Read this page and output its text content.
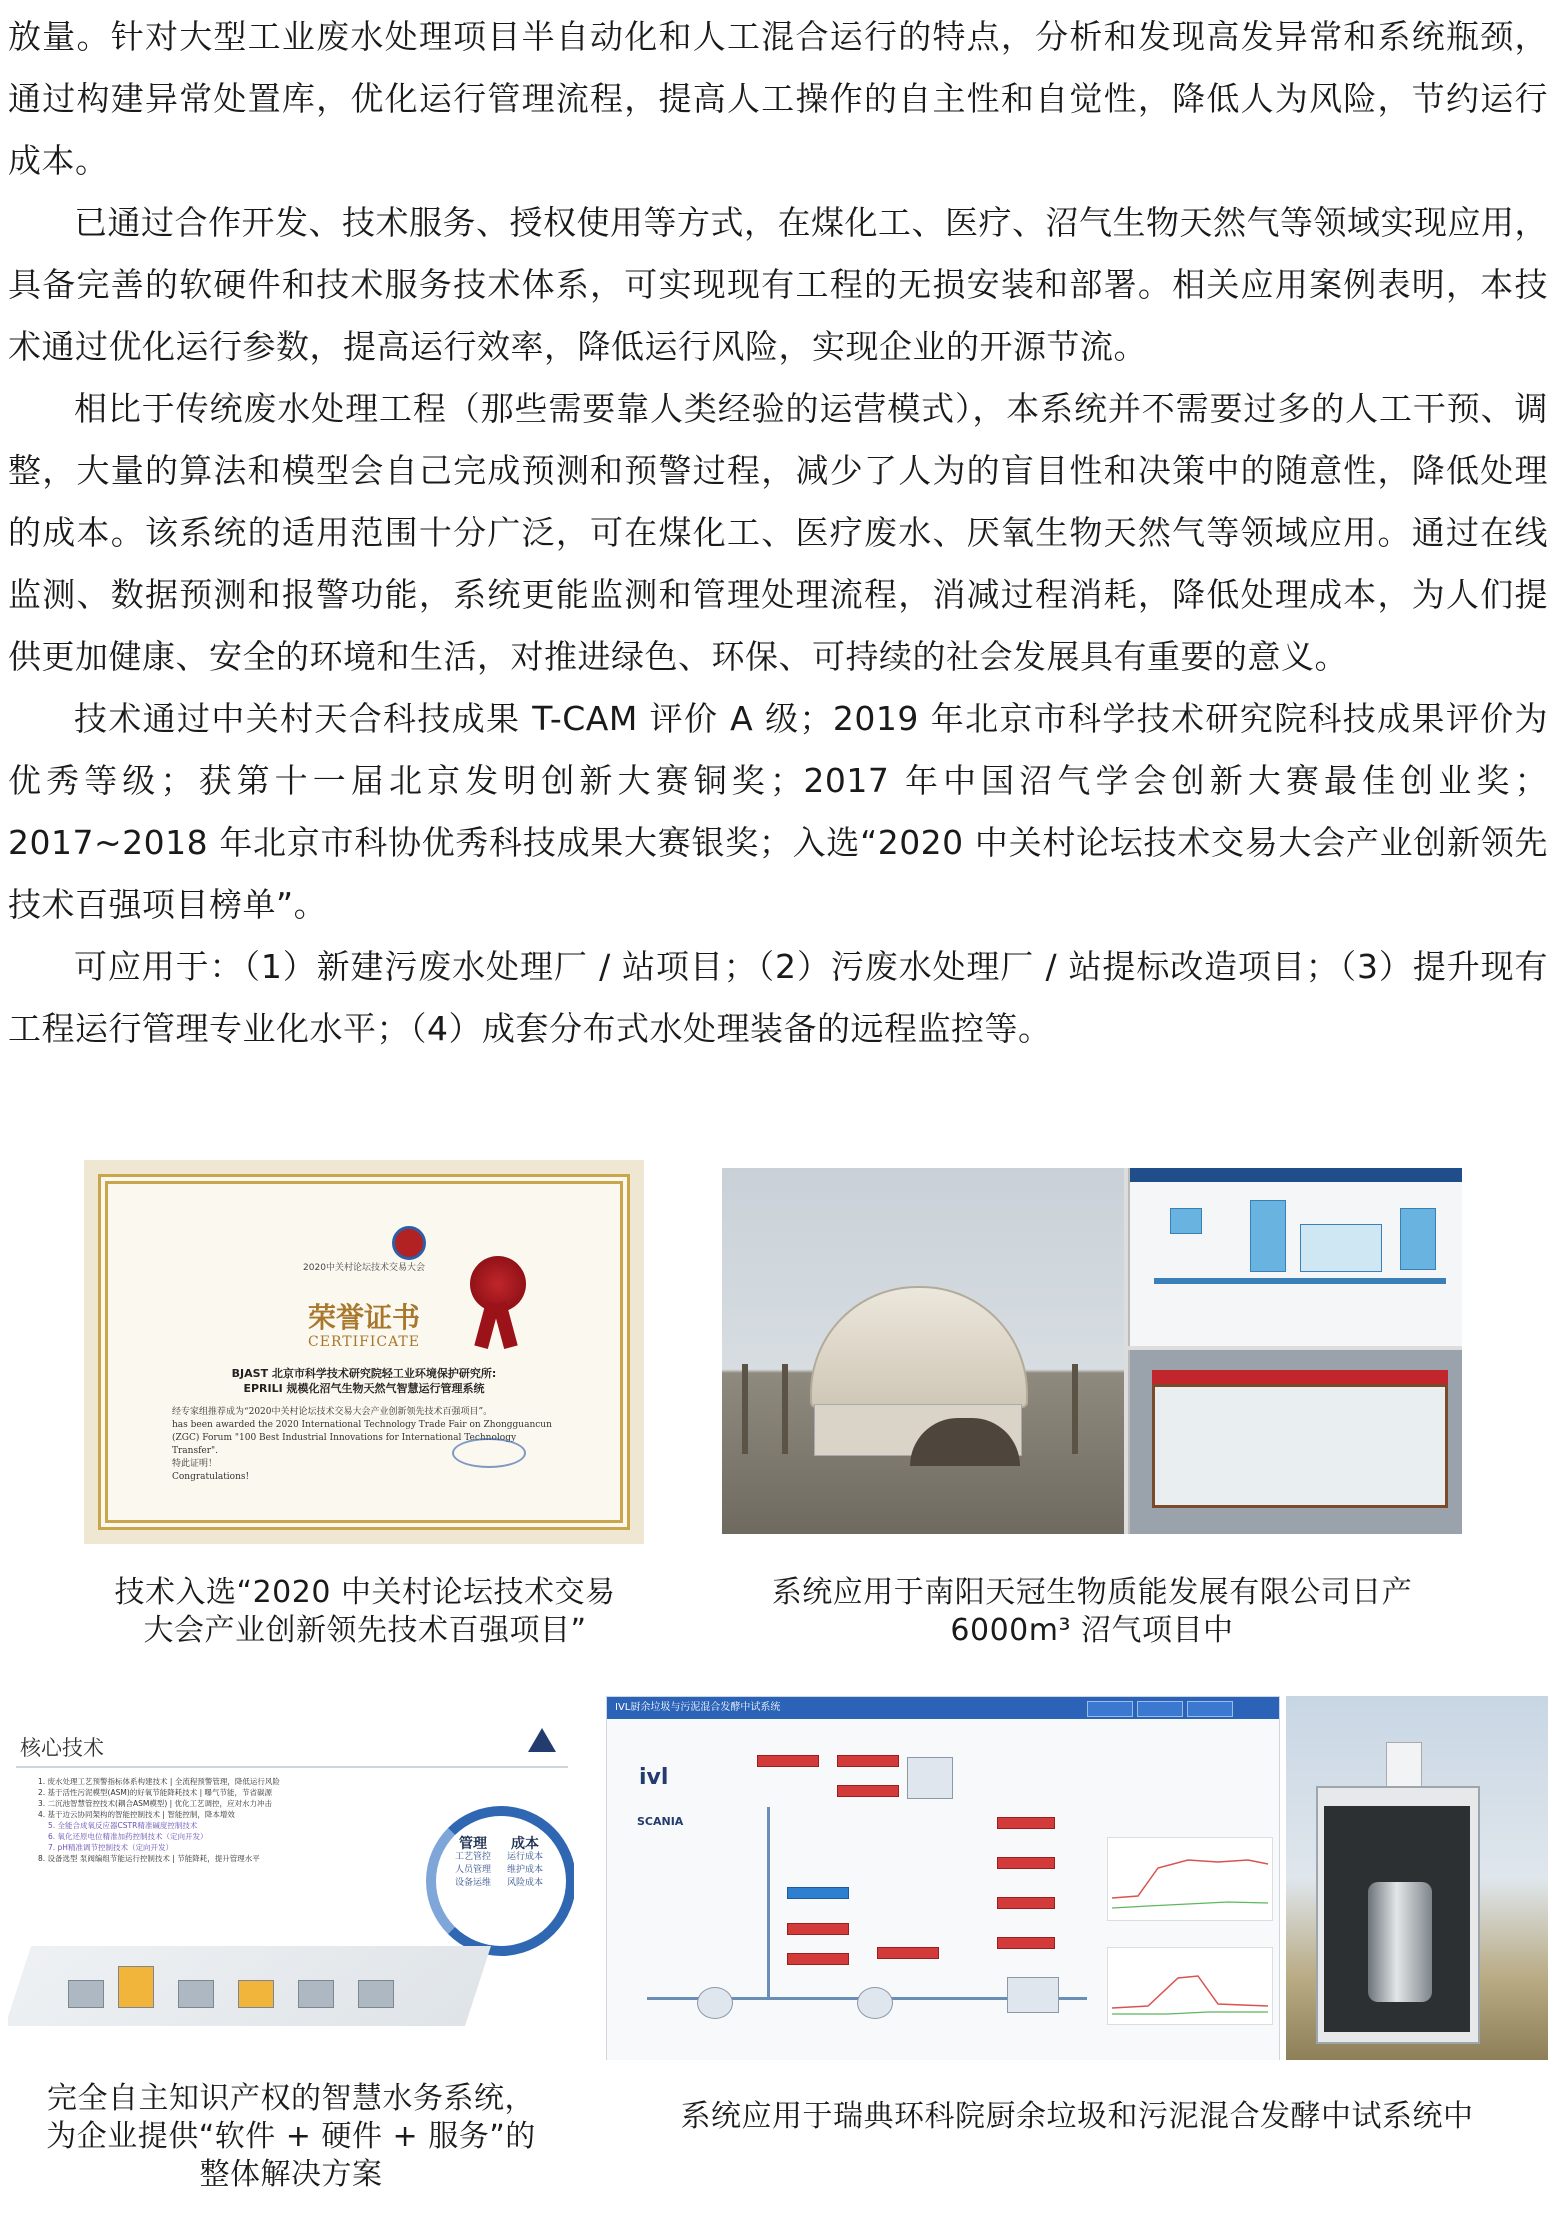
放量。针对大型工业废水处理项目半自动化和人工混合运行的特点，分析和发现高发异常和系统瓶颈，通过构建异常处置库，优化运行管理流程，提高人工操作的自主性和自觉性，降低人为风险，节约运行成本。

已通过合作开发、技术服务、授权使用等方式，在煤化工、医疗、沼气生物天然气等领域实现应用，具备完善的软硬件和技术服务技术体系，可实现现有工程的无损安装和部署。相关应用案例表明，本技术通过优化运行参数，提高运行效率，降低运行风险，实现企业的开源节流。

相比于传统废水处理工程（那些需要靠人类经验的运营模式），本系统并不需要过多的人工干预、调整，大量的算法和模型会自己完成预测和预警过程，减少了人为的盲目性和决策中的随意性，降低处理的成本。该系统的适用范围十分广泛，可在煤化工、医疗废水、厌氧生物天然气等领域应用。通过在线监测、数据预测和报警功能，系统更能监测和管理处理流程，消减过程消耗，降低处理成本，为人们提供更加健康、安全的环境和生活，对推进绿色、环保、可持续的社会发展具有重要的意义。

技术通过中关村天合科技成果 T-CAM 评价 A 级；2019 年北京市科学技术研究院科技成果评价为优秀等级；获第十一届北京发明创新大赛铜奖；2017 年中国沼气学会创新大赛最佳创业奖；2017~2018 年北京市科协优秀科技成果大赛银奖；入选“2020 中关村论坛技术交易大会产业创新领先技术百强项目榜单”。

可应用于：（1）新建污废水处理厂 / 站项目；（2）污废水处理厂 / 站提标改造项目；（3）提升现有工程运行管理专业化水平；（4）成套分布式水处理装备的远程监控等。

2020中关村论坛技术交易大会
荣誉证书
CERTIFICATE
BJAST 北京市科学技术研究院轻工业环境保护研究所:
EPRILI 规模化沼气生物天然气智慧运行管理系统
经专家组推荐成为“2020中关村论坛技术交易大会产业创新领先技术百强项目”。
has been awarded the 2020 International Technology Trade Fair on Zhongguancun (ZGC) Forum "100 Best Industrial Innovations for International Technology Transfer".
特此证明！
Congratulations!
技术入选“2020 中关村论坛技术交易
大会产业创新领先技术百强项目”
系统应用于南阳天冠生物质能发展有限公司日产
6000m³ 沼气项目中
核心技术
1. 废水处理工艺预警指标体系构建技术 | 全流程预警管理，降低运行风险
2. 基于活性污泥模型(ASM)的好氧节能降耗技术 | 曝气节能，节省碳源
3. 二沉池智慧管控技术(耦合ASM模型) | 优化工艺调控，应对水力冲击
4. 基于边云协同架构的智能控制技术 | 智能控制，降本增效
5. 全能合成氧反应器CSTR精准碱度控制技术
6. 氧化还原电位精准加药控制技术（定向开发）
7. pH精准调节控制技术（定向开发）
8. 设备选型 泵阀编组节能运行控制技术 | 节能降耗，提升管理水平
管理
工艺管控
人员管理
设备运维
成本
运行成本
维护成本
风险成本
完全自主知识产权的智慧水务系统，
为企业提供“软件 + 硬件 + 服务”的
整体解决方案
IVL厨余垃圾与污泥混合发酵中试系统
ivl
SCANIA
系统应用于瑞典环科院厨余垃圾和污泥混合发酵中试系统中
